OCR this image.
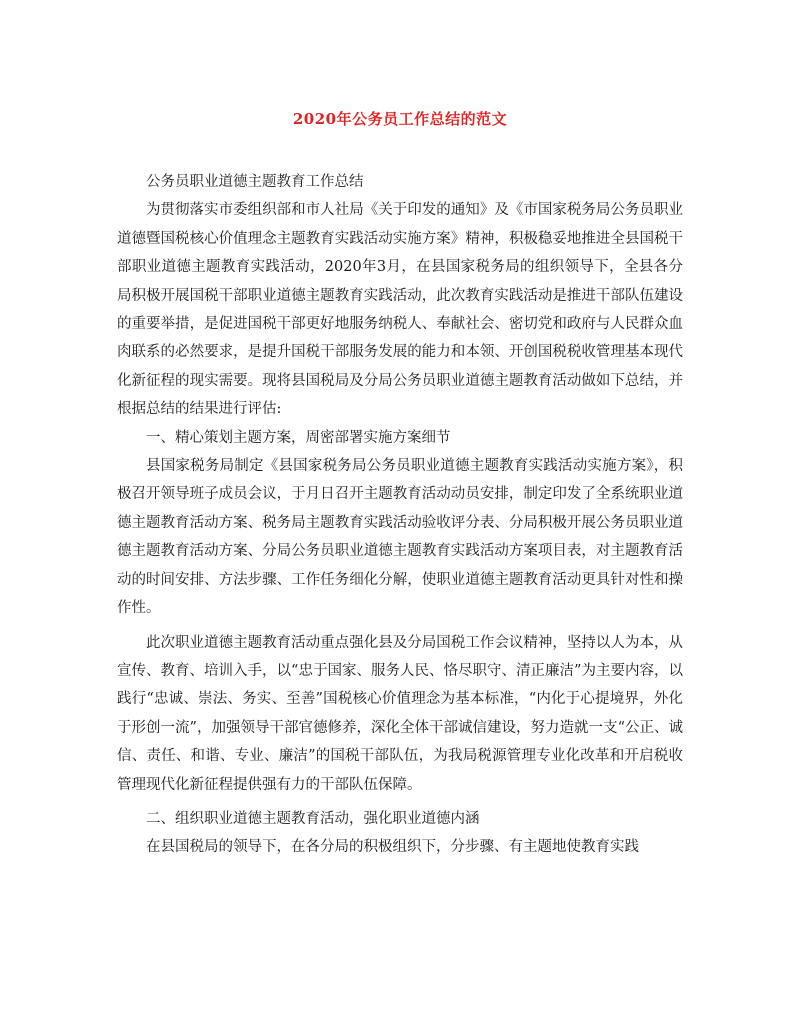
2020年公务员工作总结的范文

公务员职业道德主题教育工作总结

为贯彻落实市委组织部和市人社局《关于印发的通知》及《市国家税务局公务员职业道德暨国税核心价值理念主题教育实践活动实施方案》精神，积极稳妥地推进全县国税干部职业道德主题教育实践活动，2020年3月，在县国家税务局的组织领导下，全县各分局积极开展国税干部职业道德主题教育实践活动，此次教育实践活动是推进干部队伍建设的重要举措，是促进国税干部更好地服务纳税人、奉献社会、密切党和政府与人民群众血肉联系的必然要求，是提升国税干部服务发展的能力和本领、开创国税税收管理基本现代化新征程的现实需要。现将县国税局及分局公务员职业道德主题教育活动做如下总结，并根据总结的结果进行评估:

一、精心策划主题方案，周密部署实施方案细节

县国家税务局制定《县国家税务局公务员职业道德主题教育实践活动实施方案》，积极召开领导班子成员会议，于月日召开主题教育活动动员安排，制定印发了全系统职业道德主题教育活动方案、税务局主题教育实践活动验收评分表、分局积极开展公务员职业道德主题教育活动方案、分局公务员职业道德主题教育实践活动方案项目表，对主题教育活动的时间安排、方法步骤、工作任务细化分解，使职业道德主题教育活动更具针对性和操作性。

此次职业道德主题教育活动重点强化县及分局国税工作会议精神，坚持以人为本，从宣传、教育、培训入手，以“忠于国家、服务人民、恪尽职守、清正廉洁”为主要内容，以践行“忠诚、崇法、务实、至善”国税核心价值理念为基本标准，“内化于心提境界，外化于形创一流”，加强领导干部官德修养，深化全体干部诚信建设，努力造就一支“公正、诚信、责任、和谐、专业、廉洁”的国税干部队伍，为我局税源管理专业化改革和开启税收管理现代化新征程提供强有力的干部队伍保障。

二、组织职业道德主题教育活动，强化职业道德内涵

在县国税局的领导下，在各分局的积极组织下，分步骤、有主题地使教育实践
